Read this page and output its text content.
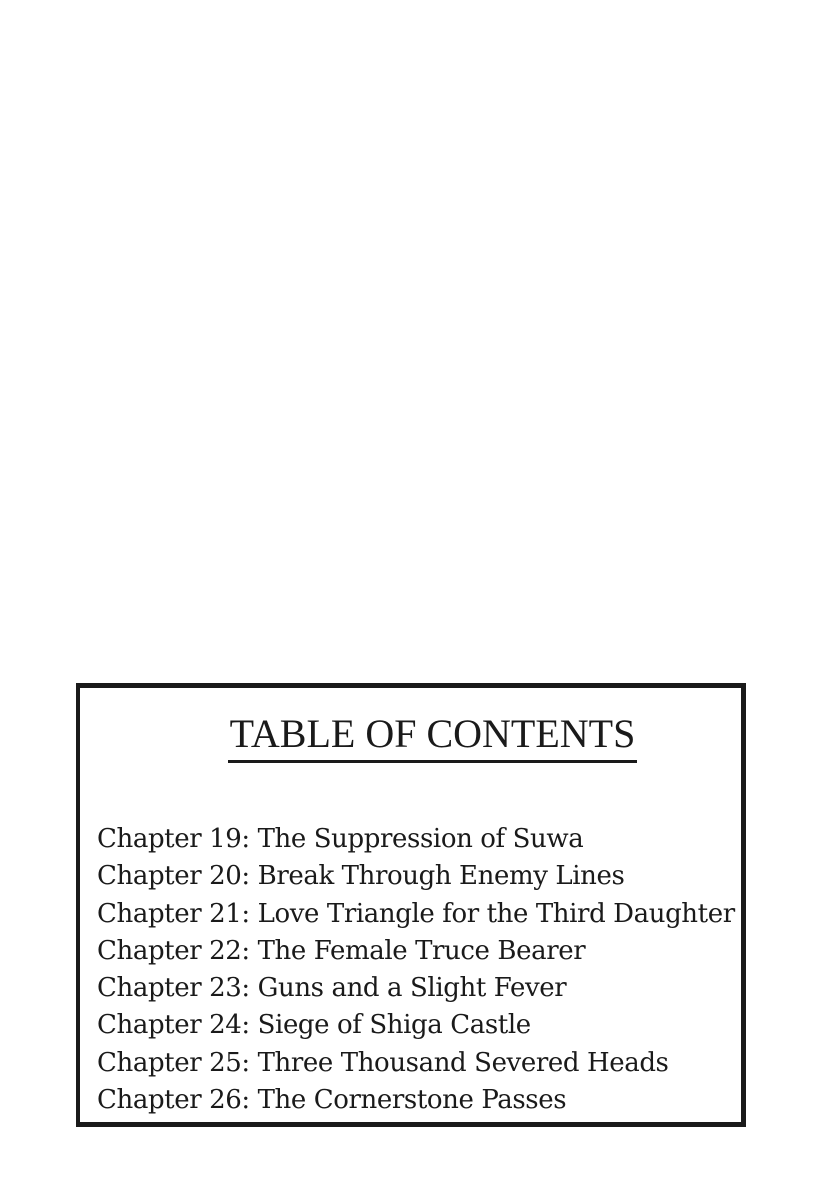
TABLE OF CONTENTS
Chapter 19: The Suppression of Suwa
Chapter 20: Break Through Enemy Lines
Chapter 21: Love Triangle for the Third Daughter
Chapter 22: The Female Truce Bearer
Chapter 23: Guns and a Slight Fever
Chapter 24: Siege of Shiga Castle
Chapter 25: Three Thousand Severed Heads
Chapter 26: The Cornerstone Passes
